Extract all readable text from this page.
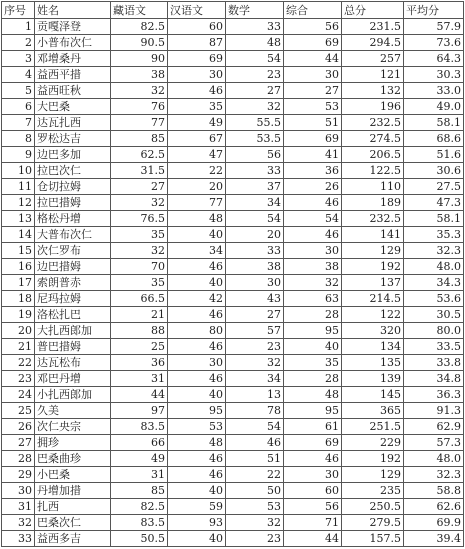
序号	姓名	藏语文	汉语文	数学	综合	总分	平均分
1	贡嘎泽登	82.5	60	33	56	231.5	57.9
2	小普布次仁	90.5	87	48	69	294.5	73.6
3	邓增桑丹	90	69	54	44	257	64.3
4	益西平措	38	30	23	30	121	30.3
5	益西旺秋	32	46	27	27	132	33.0
6	大巴桑	76	35	32	53	196	49.0
7	达瓦扎西	77	49	55.5	51	232.5	58.1
8	罗松达吉	85	67	53.5	69	274.5	68.6
9	边巴多加	62.5	47	56	41	206.5	51.6
10	拉巴次仁	31.5	22	33	36	122.5	30.6
11	仓切拉姆	27	20	37	26	110	27.5
12	拉巴措姆	32	77	34	46	189	47.3
13	格松丹增	76.5	48	54	54	232.5	58.1
14	大普布次仁	35	40	20	46	141	35.3
15	次仁罗布	32	34	33	30	129	32.3
16	边巴措姆	70	46	38	38	192	48.0
17	索朗普赤	35	40	30	32	137	34.3
18	尼玛拉姆	66.5	42	43	63	214.5	53.6
19	洛松扎巴	21	46	27	28	122	30.5
20	大扎西郎加	88	80	57	95	320	80.0
21	普巴措姆	25	46	23	40	134	33.5
22	达瓦松布	36	30	32	35	135	33.8
23	邓巴丹增	31	46	34	28	139	34.8
24	小扎西郎加	44	40	13	48	145	36.3
25	久美	97	95	78	95	365	91.3
26	次仁央宗	83.5	53	54	61	251.5	62.9
27	拥珍	66	48	46	69	229	57.3
28	巴桑曲珍	49	46	51	46	192	48.0
29	小巴桑	31	46	22	30	129	32.3
30	丹增加措	85	40	50	60	235	58.8
31	扎西	82.5	59	53	56	250.5	62.6
32	巴桑次仁	83.5	93	32	71	279.5	69.9
33	益西多吉	50.5	40	23	44	157.5	39.4
